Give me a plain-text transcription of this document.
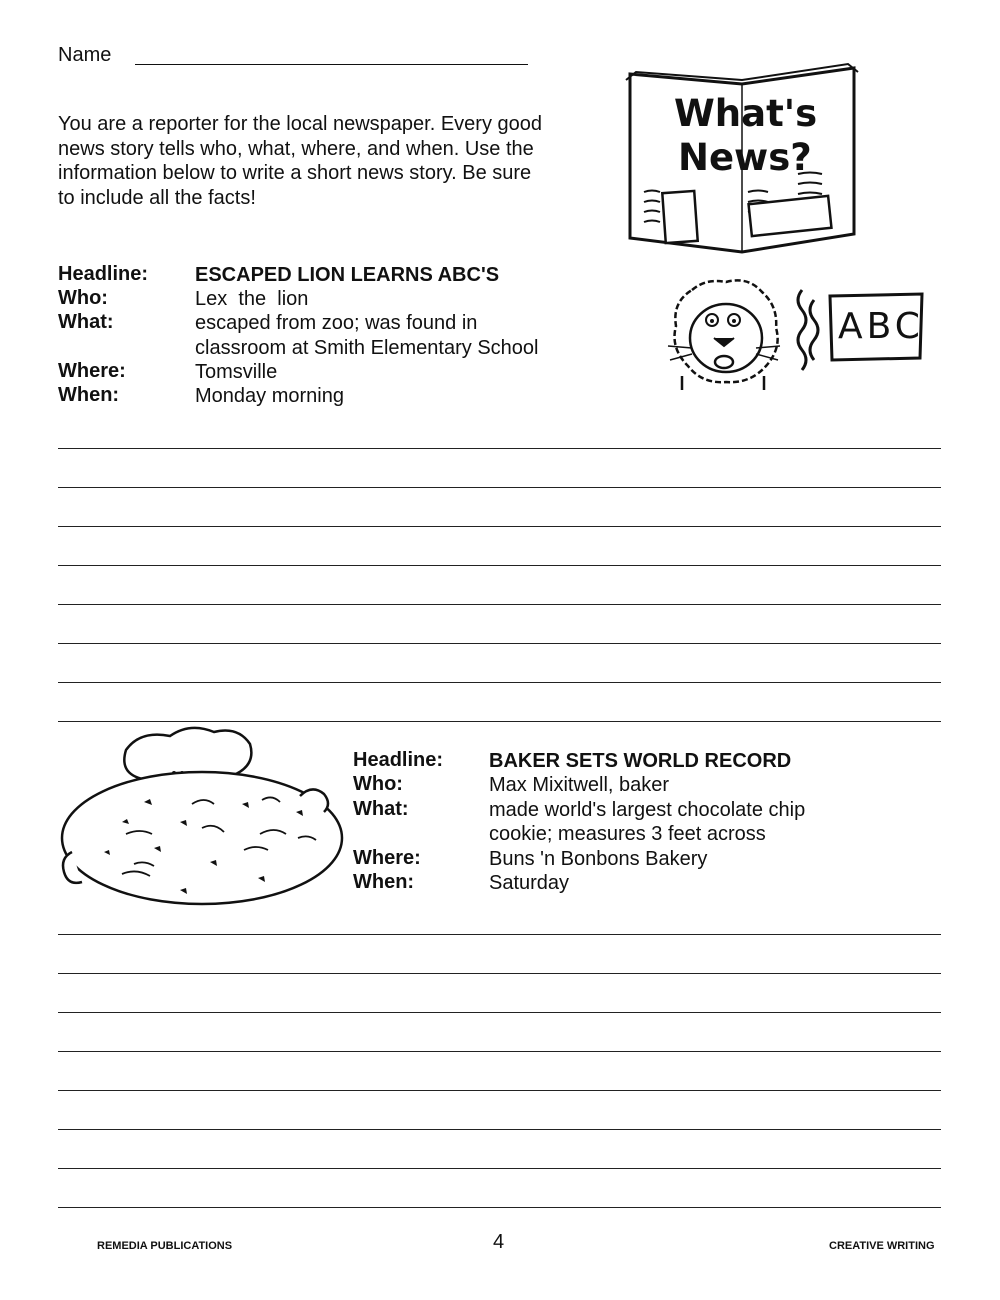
Name
You are a reporter for the local newspaper. Every good news story tells who, what, where, and when. Use the information below to write a short news story. Be sure to include all the facts!
What's
News?
ABC
Headline: ESCAPED LION LEARNS ABC'S
Who:	Lex  the  lion
What:	escaped from zoo; was found in
classroom at Smith Elementary School
Where:	Tomsville
When:	Monday morning
Headline: BAKER SETS WORLD RECORD
Who:	Max Mixitwell, baker
What:	made world's largest chocolate chip
cookie; measures 3 feet across
Where:	Buns 'n Bonbons Bakery
When:	Saturday
REMEDIA PUBLICATIONS	4	CREATIVE WRITING
